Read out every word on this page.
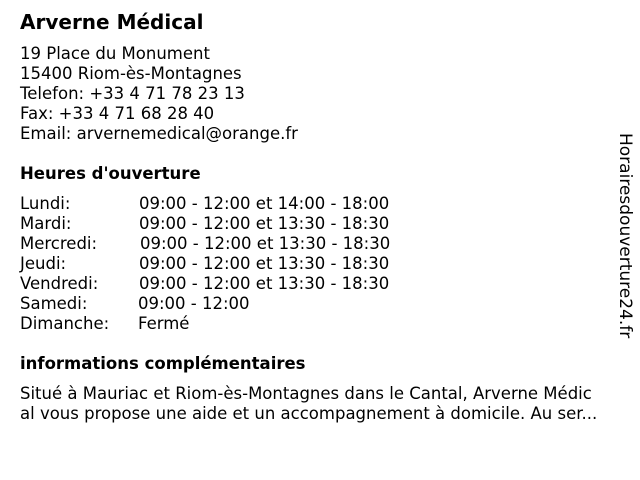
Arverne Médical
19 Place du Monument
15400 Riom-ès-Montagnes
Telefon: +33 4 71 78 23 13
Fax: +33 4 71 68 28 40
Email: arvernemedical@orange.fr
Heures d'ouverture
Lundi:	09:00 - 12:00 et 14:00 - 18:00
Mardi:	09:00 - 12:00 et 13:30 - 18:30
Mercredi:	09:00 - 12:00 et 13:30 - 18:30
Jeudi:	09:00 - 12:00 et 13:30 - 18:30
Vendredi: 09:00 - 12:00 et 13:30 - 18:30
Samedi:	09:00 - 12:00
Dimanche: Fermé
informations complémentaires
Situé à Mauriac et Riom-ès-Montagnes dans le Cantal, Arverne Médic
al vous propose une aide et un accompagnement à domicile. Au ser...
Horairesdouverture24.fr
